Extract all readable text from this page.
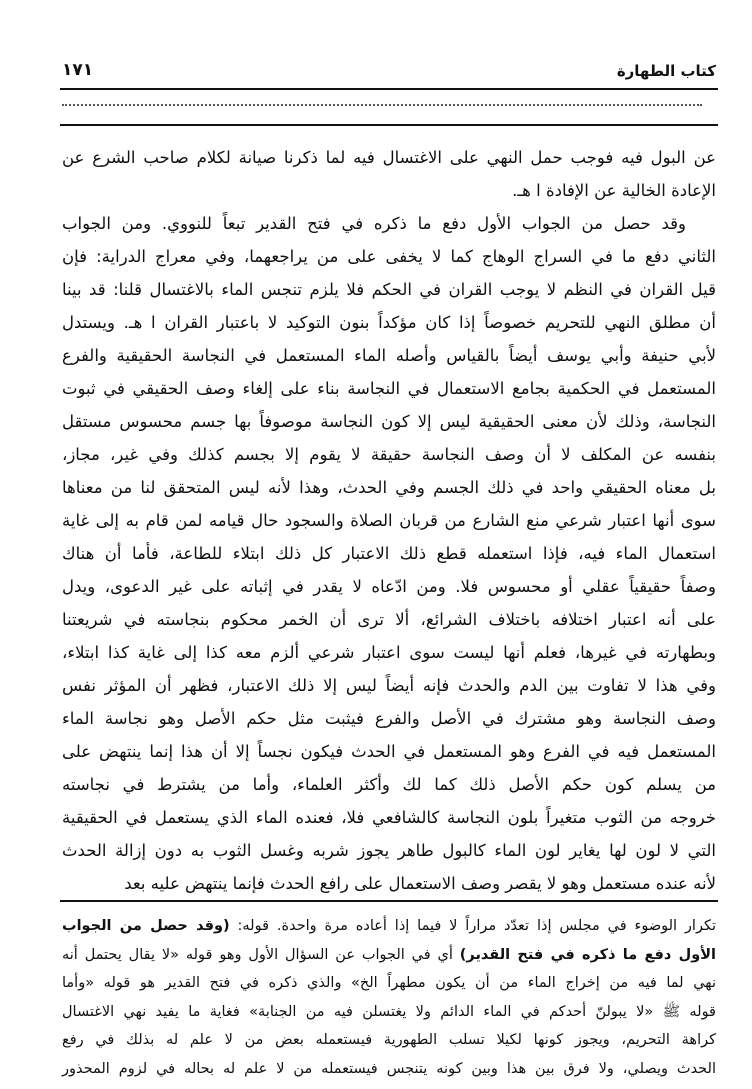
كتاب الطهارة
١٧١
عن البول فيه فوجب حمل النهي على الاغتسال فيه لما ذكرنا صيانة لكلام صاحب الشرع عن
الإعادة الخالية عن الإفادة ا هـ.
وقد حصل من الجواب الأول دفع ما ذكره في فتح القدير تبعاً للنووي. ومن الجواب
الثاني دفع ما في السراج الوهاج كما لا يخفى على من يراجعهما، وفي معراج الدراية: فإن
قيل القران في النظم لا يوجب القران في الحكم فلا يلزم تنجس الماء بالاغتسال قلنا: قد بينا
أن مطلق النهي للتحريم خصوصاً إذا كان مؤكداً بنون التوكيد لا باعتبار القران ا هـ. ويستدل
لأبي حنيفة وأبي يوسف أيضاً بالقياس وأصله الماء المستعمل في النجاسة الحقيقية والفرع
المستعمل في الحكمية بجامع الاستعمال في النجاسة بناء على إلغاء وصف الحقيقي في ثبوت
النجاسة، وذلك لأن معنى الحقيقية ليس إلا كون النجاسة موصوفاً بها جسم محسوس مستقل
بنفسه عن المكلف لا أن وصف النجاسة حقيقة لا يقوم إلا بجسم كذلك وفي غير، مجاز،
بل معناه الحقيقي واحد في ذلك الجسم وفي الحدث، وهذا لأنه ليس المتحقق لنا من معناها
سوى أنها اعتبار شرعي منع الشارع من قربان الصلاة والسجود حال قيامه لمن قام به إلى غاية
استعمال الماء فيه، فإذا استعمله قطع ذلك الاعتبار كل ذلك ابتلاء للطاعة، فأما أن هناك
وصفاً حقيقياً عقلي أو محسوس فلا. ومن ادّعاه لا يقدر في إثباته على غير الدعوى، ويدل
على أنه اعتبار اختلافه باختلاف الشرائع، ألا ترى أن الخمر محكوم بنجاسته في شريعتنا
وبطهارته في غيرها، فعلم أنها ليست سوى اعتبار شرعي ألزم معه كذا إلى غاية كذا ابتلاء،
وفي هذا لا تفاوت بين الدم والحدث فإنه أيضاً ليس إلا ذلك الاعتبار، فظهر أن المؤثر نفس
وصف النجاسة وهو مشترك في الأصل والفرع فيثبت مثل حكم الأصل وهو نجاسة الماء
المستعمل فيه في الفرع وهو المستعمل في الحدث فيكون نجساً إلا أن هذا إنما ينتهض على
من يسلم كون حكم الأصل ذلك كما لك وأكثر العلماء، وأما من يشترط في نجاسته
خروجه من الثوب متغيراً بلون النجاسة كالشافعي فلا، فعنده الماء الذي يستعمل في الحقيقية
التي لا لون لها يغاير لون الماء كالبول طاهر يجوز شربه وغسل الثوب به دون إزالة الحدث
لأنه عنده مستعمل وهو لا يقصر وصف الاستعمال على رافع الحدث فإنما ينتهض عليه بعد
تكرار الوضوء في مجلس إذا تعدّد مراراً لا فيما إذا أعاده مرة واحدة. قوله: (وقد حصل من الجواب
الأول دفع ما ذكره في فتح القدير) أي في الجواب عن السؤال الأول وهو قوله «لا يقال يحتمل أنه
نهي لما فيه من إخراج الماء من أن يكون مطهراً الخ» والذي ذكره في فتح القدير هو قوله «وأما
قوله ﷺ «لا يبولنّ أحدكم في الماء الدائم ولا يغتسلن فيه من الجنابة» فغاية ما يفيد نهي الاغتسال
كراهة التحريم، ويجوز كونها لكيلا تسلب الطهورية فيستعمله بعض من لا علم له بذلك في رفع
الحدث ويصلي، ولا فرق بين هذا وبين كونه يتنجس فيستعمله من لا علم له بحاله في لزوم المحذور
